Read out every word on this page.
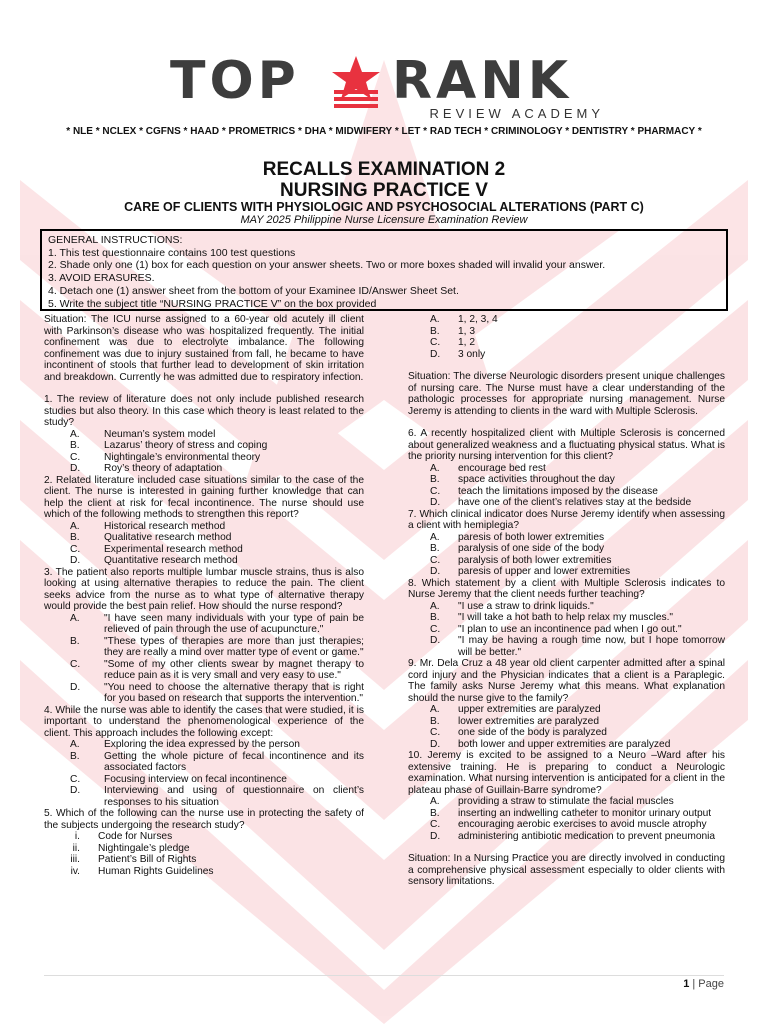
TOP RANK
REVIEW ACADEMY
* NLE * NCLEX * CGFNS * HAAD * PROMETRICS * DHA * MIDWIFERY * LET * RAD TECH * CRIMINOLOGY * DENTISTRY * PHARMACY *
RECALLS EXAMINATION 2
NURSING PRACTICE V
CARE OF CLIENTS WITH PHYSIOLOGIC AND PSYCHOSOCIAL ALTERATIONS (PART C)
MAY 2025 Philippine Nurse Licensure Examination Review
GENERAL INSTRUCTIONS:
1. This test questionnaire contains 100 test questions
2. Shade only one (1) box for each question on your answer sheets. Two or more boxes shaded will invalid your answer.
3. AVOID ERASURES.
4. Detach one (1) answer sheet from the bottom of your Examinee ID/Answer Sheet Set.
5. Write the subject title “NURSING PRACTICE V” on the box provided

Situation: The ICU nurse assigned to a 60-year old acutely ill client with Parkinson’s disease who was hospitalized frequently. The initial confinement was due to electrolyte imbalance. The following confinement was due to injury sustained from fall, he became to have incontinent of stools that further lead to development of skin irritation and breakdown. Currently he was admitted due to respiratory infection.

1. The review of literature does not only include published research studies but also theory. In this case which theory is least related to the study?

A.	Neuman’s system model
B.	Lazarus’ theory of stress and coping
C.	Nightingale’s environmental theory
D.	Roy’s theory of adaptation

2. Related literature included case situations similar to the case of the client. The nurse is interested in gaining further knowledge that can help the client at risk for fecal incontinence. The nurse should use which of the following methods to strengthen this report?

A.	Historical research method
B.	Qualitative research method
C.	Experimental research method
D.	Quantitative research method

3. The patient also reports multiple lumbar muscle strains, thus is also looking at using alternative therapies to reduce the pain. The client seeks advice from the nurse as to what type of alternative therapy would provide the best pain relief. How should the nurse respond?

A.	"I have seen many individuals with your type of pain be relieved of pain through the use of acupuncture."
B.	"These types of therapies are more than just therapies; they are really a mind over matter type of event or game."
C.	"Some of my other clients swear by magnet therapy to reduce pain as it is very small and very easy to use."
D.	"You need to choose the alternative therapy that is right for you based on research that supports the intervention."

4. While the nurse was able to identify the cases that were studied, it is important to understand the phenomenological experience of the client. This approach includes the following except:

A.	Exploring the idea expressed by the person
B.	Getting the whole picture of fecal incontinence and its associated factors
C.	Focusing interview on fecal incontinence
D.	Interviewing and using of questionnaire on client’s responses to his situation

5. Which of the following can the nurse use in protecting the safety of the subjects undergoing the research study?

i.	Code for Nurses
ii.	Nightingale’s pledge
iii.	Patient’s Bill of Rights
iv.	Human Rights Guidelines
A.	1, 2, 3, 4
B.	1, 3
C.	1, 2
D.	3 only

Situation: The diverse Neurologic disorders present unique challenges of nursing care. The Nurse must have a clear understanding of the pathologic processes for appropriate nursing management. Nurse Jeremy is attending to clients in the ward with Multiple Sclerosis.

6. A recently hospitalized client with Multiple Sclerosis is concerned about generalized weakness and a fluctuating physical status. What is the priority nursing intervention for this client?

A.	encourage bed rest
B.	space activities throughout the day
C.	teach the limitations imposed by the disease
D.	have one of the client’s relatives stay at the bedside

7. Which clinical indicator does Nurse Jeremy identify when assessing a client with hemiplegia?

A.	paresis of both lower extremities
B.	paralysis of one side of the body
C.	paralysis of both lower extremities
D.	paresis of upper and lower extremities

8. Which statement by a client with Multiple Sclerosis indicates to Nurse Jeremy that the client needs further teaching?

A.	"I use a straw to drink liquids."
B.	"I will take a hot bath to help relax my muscles."
C.	"I plan to use an incontinence pad when I go out."
D.	"I may be having a rough time now, but I hope tomorrow will be better."

9. Mr. Dela Cruz a 48 year old client carpenter admitted after a spinal cord injury and the Physician indicates that a client is a Paraplegic. The family asks Nurse Jeremy what this means. What explanation should the nurse give to the family?

A.	upper extremities are paralyzed
B.	lower extremities are paralyzed
C.	one side of the body is paralyzed
D.	both lower and upper extremities are paralyzed

10. Jeremy is excited to be assigned to a Neuro –Ward after his extensive training. He is preparing to conduct a Neurologic examination. What nursing intervention is anticipated for a client in the plateau phase of Guillain-Barre syndrome?

A.	providing a straw to stimulate the facial muscles
B.	inserting an indwelling catheter to monitor urinary output
C.	encouraging aerobic exercises to avoid muscle atrophy
D.	administering antibiotic medication to prevent pneumonia

Situation: In a Nursing Practice you are directly involved in conducting a comprehensive physical assessment especially to older clients with sensory limitations.

1 | Page
